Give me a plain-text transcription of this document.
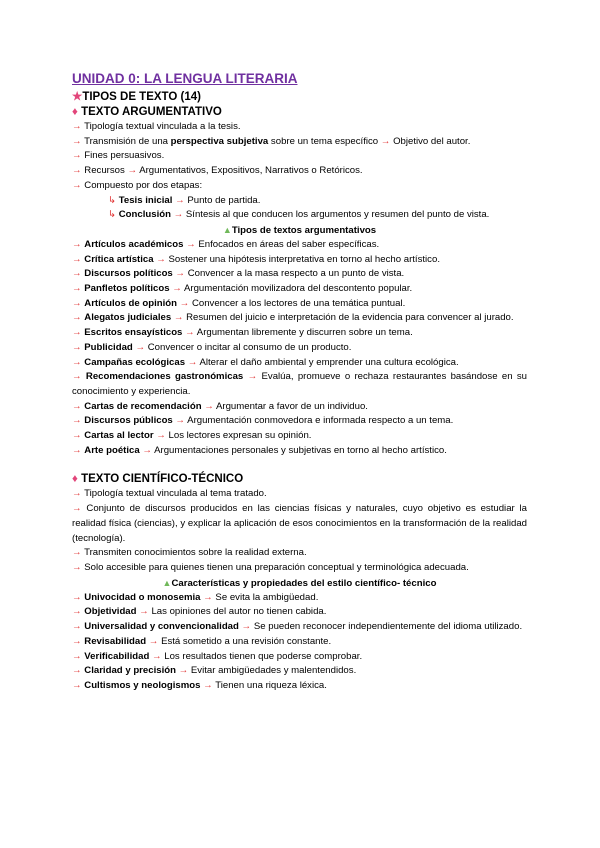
UNIDAD 0: LA LENGUA LITERARIA
★TIPOS DE TEXTO (14)
♦ TEXTO ARGUMENTATIVO

→ Tipología textual vinculada a la tesis.

→ Transmisión de una perspectiva subjetiva sobre un tema específico → Objetivo del autor.

→ Fines persuasivos.

→ Recursos → Argumentativos, Expositivos, Narrativos o Retóricos.

→ Compuesto por dos etapas:

↳ Tesis inicial → Punto de partida.

↳ Conclusión → Síntesis al que conducen los argumentos y resumen del punto de vista.

▲Tipos de textos argumentativos

→ Artículos académicos → Enfocados en áreas del saber específicas.

→ Crítica artística → Sostener una hipótesis interpretativa en torno al hecho artístico.

→ Discursos políticos → Convencer a la masa respecto a un punto de vista.

→ Panfletos políticos → Argumentación movilizadora del descontento popular.

→ Artículos de opinión → Convencer a los lectores de una temática puntual.

→ Alegatos judiciales → Resumen del juicio e interpretación de la evidencia para convencer al jurado.

→ Escritos ensayísticos → Argumentan libremente y discurren sobre un tema.

→ Publicidad → Convencer o incitar al consumo de un producto.

→ Campañas ecológicas → Alterar el daño ambiental y emprender una cultura ecológica.

→ Recomendaciones gastronómicas → Evalúa, promueve o rechaza restaurantes basándose en su conocimiento y experiencia.

→ Cartas de recomendación → Argumentar a favor de un individuo.

→ Discursos públicos → Argumentación conmovedora e informada respecto a un tema.

→ Cartas al lector → Los lectores expresan su opinión.

→ Arte poética → Argumentaciones personales y subjetivas en torno al hecho artístico.

♦ TEXTO CIENTÍFICO-TÉCNICO

→ Tipología textual vinculada al tema tratado.

→ Conjunto de discursos producidos en las ciencias físicas y naturales, cuyo objetivo es estudiar la realidad física (ciencias), y explicar la aplicación de esos conocimientos en la transformación de la realidad (tecnología).

→ Transmiten conocimientos sobre la realidad externa.

→ Solo accesible para quienes tienen una preparación conceptual y terminológica adecuada.

▲Características y propiedades del estilo científico- técnico

→ Univocidad o monosemia → Se evita la ambigüedad.

→ Objetividad → Las opiniones del autor no tienen cabida.

→ Universalidad y convencionalidad → Se pueden reconocer independientemente del idioma utilizado.

→ Revisabilidad → Está sometido a una revisión constante.

→ Verificabilidad → Los resultados tienen que poderse comprobar.

→ Claridad y precisión → Evitar ambigüedades y malentendidos.

→ Cultismos y neologismos → Tienen una riqueza léxica.
